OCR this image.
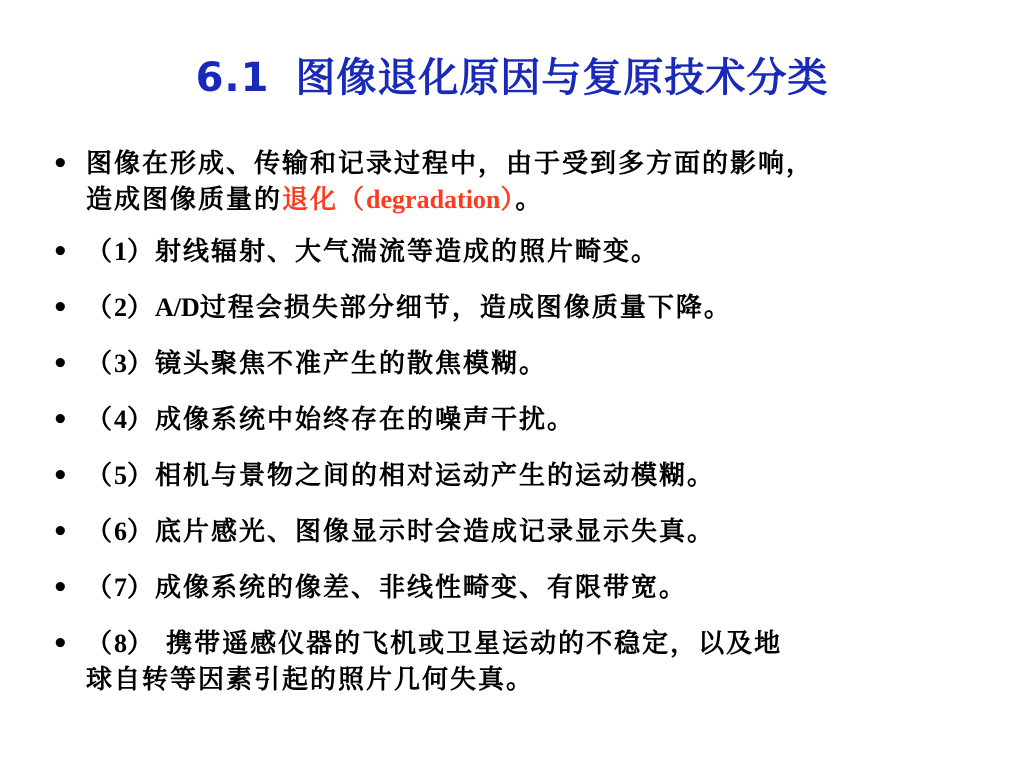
6.1 图像退化原因与复原技术分类
• 图像在形成、传输和记录过程中，由于受到多方面的影响，
造成图像质量的退化（degradation）。
• （1）射线辐射、大气湍流等造成的照片畸变。
• （2）A/D过程会损失部分细节，造成图像质量下降。
• （3）镜头聚焦不准产生的散焦模糊。
• （4）成像系统中始终存在的噪声干扰。
• （5）相机与景物之间的相对运动产生的运动模糊。
• （6）底片感光、图像显示时会造成记录显示失真。
• （7）成像系统的像差、非线性畸变、有限带宽。
• （8） 携带遥感仪器的飞机或卫星运动的不稳定，以及地
球自转等因素引起的照片几何失真。
